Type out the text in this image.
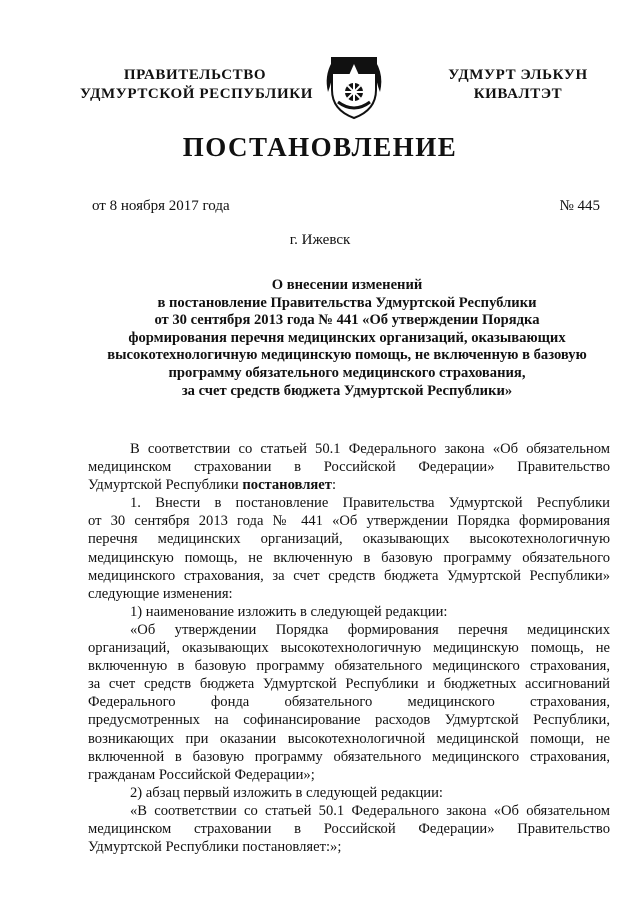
ПРАВИТЕЛЬСТВО
УДМУРТСКОЙ РЕСПУБЛИКИ
УДМУРТ ЭЛЬКУН
КИВАЛТЭТ
ПОСТАНОВЛЕНИЕ
от 8 ноября 2017 года	№ 445
г. Ижевск
О внесении изменений
в постановление Правительства Удмуртской Республики
от 30 сентября 2013 года № 441 «Об утверждении Порядка
формирования перечня медицинских организаций, оказывающих
высокотехнологичную медицинскую помощь, не включенную в базовую
программу обязательного медицинского страхования,
за счет средств бюджета Удмуртской Республики»
В соответствии со статьей 50.1 Федерального закона «Об обязательном
медицинском страховании в Российской Федерации» Правительство
Удмуртской Республики постановляет:
1. Внести в постановление Правительства Удмуртской Республики
от 30 сентября 2013 года № 441 «Об утверждении Порядка формирования
перечня медицинских организаций, оказывающих высокотехнологичную
медицинскую помощь, не включенную в базовую программу обязательного
медицинского страхования, за счет средств бюджета Удмуртской Республики»
следующие изменения:
1) наименование изложить в следующей редакции:
«Об утверждении Порядка формирования перечня медицинских
организаций, оказывающих высокотехнологичную медицинскую помощь, не
включенную в базовую программу обязательного медицинского страхования,
за счет средств бюджета Удмуртской Республики и бюджетных ассигнований
Федерального фонда обязательного медицинского страхования,
предусмотренных на софинансирование расходов Удмуртской Республики,
возникающих при оказании высокотехнологичной медицинской помощи, не
включенной в базовую программу обязательного медицинского страхования,
гражданам Российской Федерации»;
2) абзац первый изложить в следующей редакции:
«В соответствии со статьей 50.1 Федерального закона «Об обязательном
медицинском страховании в Российской Федерации» Правительство
Удмуртской Республики постановляет:»;
